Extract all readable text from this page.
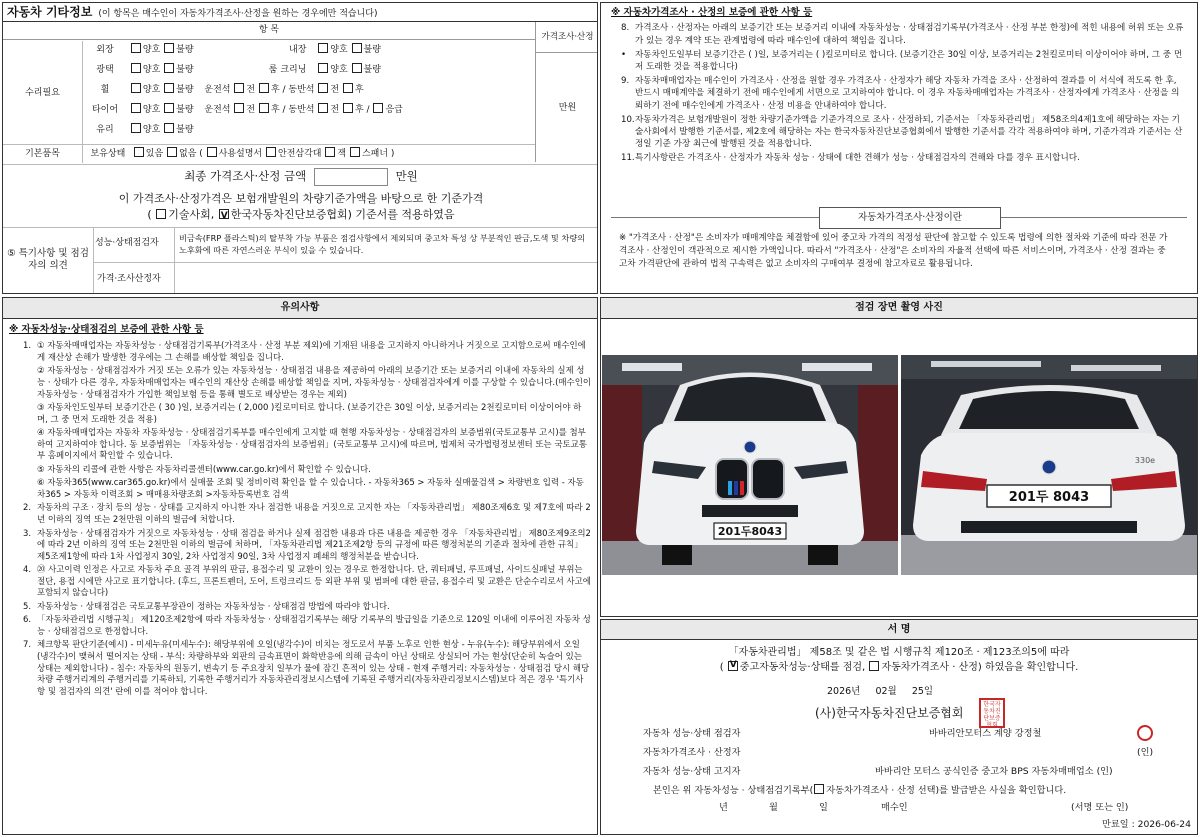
자동차 기타정보 (이 항목은 매수인이 자동차가격조사·산정을 원하는 경우에만 적습니다)
항 목
가격조사·산정
만원
수리필요
외장	양호 불량	내장	양호 불량
광택	양호 불량	룸 크리닝	양호 불량
휠	양호 불량 운전석 전 후 / 동반석 전 후
타이어	양호 불량 운전석 전 후 / 동반석 전 후 / 응급
유리	양호 불량
기본품목	보유상태 있음 없음 ( 사용설명서 안전삼각대 잭 스패너 )
최종 가격조사·산정 금액	만원
이 가격조사·산정가격은 보험개발원의 차량기준가액을 바탕으로 한 기준가격
( 기술사회, V한국자동차진단보증협회) 기준서를 적용하였음
⑤ 특기사항 및 점검자의 의견
성능·상태점검자	비금속(FRP 플라스틱)의 탈부착 가능 부품은 점검사항에서 제외되며 중고차 특성 상 부분적인 판금,도색 및 차량의 노후화에 따른 자연스러운 부식이 있을 수 있습니다.
가격·조사산정자
※ 자동차가격조사 · 산정의 보증에 관한 사항 등
8. 가격조사 · 산정자는 아래의 보증기간 또는 보증거리 이내에 자동차성능 · 상태점검기록부(가격조사 · 산정 부분 한정)에 적힌 내용에 허위 또는 오류가 있는 경우 계약 또는 관계법령에 따라 매수인에 대하여 책임을 집니다.
•	자동차인도일부터 보증기간은 ( )일, 보증거리는 ( )킬로미터로 합니다. (보증기간은 30일 이상, 보증거리는 2천킬로미터 이상이어야 하며, 그 중 먼저 도래한 것을 적용합니다)
9. 자동차매매업자는 매수인이 가격조사 · 산정을 원할 경우 가격조사 · 산정자가 해당 자동차 가격을 조사 · 산정하여 결과를 이 서식에 적도록 한 후, 반드시 매매계약을 체결하기 전에 매수인에게 서면으로 고지하여야 합니다. 이 경우 자동차매매업자는 가격조사 · 산정자에게 가격조사 · 산정을 의뢰하기 전에 매수인에게 가격조사 · 산정 비용을 안내하여야 합니다.
10. 자동차가격은 보험개발원이 정한 차량기준가액을 기준가격으로 조사 · 산정하되, 기준서는 「자동차관리법」 제58조의4제1호에 해당하는 자는 기술사회에서 발행한 기준서를, 제2호에 해당하는 자는 한국자동차진단보증협회에서 발행한 기준서를 각각 적용하여야 하며, 기준가격과 기준서는 산정일 기준 가장 최근에 발행된 것을 적용합니다.
11. 특기사항란은 가격조사 · 산정자가 자동차 성능 · 상태에 대한 견해가 성능 · 상태점검자의 견해와 다를 경우 표시합니다.
자동차가격조사·산정이란
※ "가격조사 · 산정"은 소비자가 매매계약을 체결함에 있어 중고차 가격의 적정성 판단에 참고할 수 있도록 법령에 의한 절차와 기준에 따라 전문 가격조사 · 산정인이 객관적으로 제시한 가액입니다. 따라서 "가격조사 · 산정"은 소비자의 자율적 선택에 따른 서비스이며, 가격조사 · 산정 결과는 중고차 가격판단에 관하여 법적 구속력은 없고 소비자의 구매여부 결정에 참고자료로 활용됩니다.
유의사항
※ 자동차성능·상태점검의 보증에 관한 사항 등
1. ① 자동차매매업자는 자동차성능 · 상태점검기록부(가격조사 · 산정 부분 제외)에 기재된 내용을 고지하지 아니하거나 거짓으로 고지함으로써 매수인에게 재산상 손해가 발생한 경우에는 그 손해를 배상할 책임을 집니다.
② 자동차성능 · 상태점검자가 거짓 또는 오류가 있는 자동차성능 · 상태점검 내용을 제공하여 아래의 보증기간 또는 보증거리 이내에 자동차의 실제 성능 · 상태가 다른 경우, 자동차매매업자는 매수인의 재산상 손해를 배상할 책임을 지며, 자동차성능 · 상태점검자에게 이를 구상할 수 있습니다.(매수인이 자동차성능 · 상태점검자가 가입한 책임보험 등을 통해 별도로 배상받는 경우는 제외)
③ 자동차인도일부터 보증기간은 ( 30 )일, 보증거리는 ( 2,000 )킬로미터로 합니다. (보증기간은 30일 이상, 보증거리는 2천킬로미터 이상이어야 하며, 그 중 먼저 도래한 것을 적용)
④ 자동차매매업자는 자동차 자동차성능 · 상태점검기록부를 매수인에게 고지할 때 현행 자동차성능 · 상태점검자의 보증범위(국토교통부 고시)를 첨부하여 고지하여야 합니다. 동 보증범위는 「자동차성능 · 상태점검자의 보증범위」(국토교통부 고시)에 따르며, 법제처 국가법령정보센터 또는 국토교통부 홈페이지에서 확인할 수 있습니다.
⑤ 자동차의 리콜에 관한 사항은 자동차리콜센터(www.car.go.kr)에서 확인할 수 있습니다.
⑥ 자동차365(www.car365.go.kr)에서 실매물 조회 및 정비이력 확인을 할 수 있습니다. - 자동차365 > 자동차 실매물검색 > 차량번호 입력 - 자동차365 > 자동차 이력조회 > 매매용차량조회 >자동차등록번호 검색
2. 자동차의 구조 · 장치 등의 성능 · 상태를 고지하지 아니한 자나 점검한 내용을 거짓으로 고지한 자는 「자동차관리법」 제80조제6호 및 제7호에 따라 2년 이하의 징역 또는 2천만원 이하의 벌금에 처합니다.
3. 자동차성능 · 상태점검자가 거짓으로 자동차성능 · 상태 점검을 하거나 실제 점검한 내용과 다른 내용을 제공한 경우 「자동차관리법」 제80조제9조의2에 따라 2년 이하의 징역 또는 2천만원 이하의 벌금에 처하며, 「자동차관리법 제21조제2항 등의 규정에 따른 행정처분의 기준과 절차에 관한 규칙」 제5조제1항에 따라 1차 사업정지 30일, 2차 사업정지 90일, 3차 사업정지 폐쇄의 행정처분을 받습니다.
4. ⑳ 사고이력 인정은 사고로 자동차 주요 골격 부위의 판금, 용접수리 및 교환이 있는 경우로 한정합니다. 단, 쿼터패널, 루프패널, 사이드실패널 부위는 절단, 용접 시에만 사고로 표기합니다. (후드, 프론트펜더, 도어, 트렁크리드 등 외판 부위 및 범퍼에 대한 판금, 용접수리 및 교환은 단순수리로서 사고에 포함되지 않습니다)
5. 자동차성능 · 상태점검은 국토교통부장관이 정하는 자동차성능 · 상태점검 방법에 따라야 합니다.
6. 「자동차관리법 시행규칙」 제120조제2항에 따라 자동차성능 · 상태점검기록부는 해당 기록부의 발급일을 기준으로 120일 이내에 이루어진 자동차 성능 · 상태점검으로 한정합니다.
7. 체크항목 판단기준(예시) - 미세누유(미세누수): 해당부위에 오일(냉각수)이 비치는 정도로서 부품 노후로 인한 현상 - 누유(누수): 해당부위에서 오일(냉각수)이 맺혀서 떨어지는 상태 - 부식: 차량하부와 외판의 금속표면이 화학반응에 의해 금속이 아닌 상태로 상실되어 가는 현상(단순히 녹슬어 있는 상태는 제외합니다) - 침수: 자동차의 원동기, 변속기 등 주요장치 일부가 물에 잠긴 흔적이 있는 상태 - 현재 주행거리: 자동차성능 · 상태점검 당시 해당 차량 주행거리계의 주행거리를 기록하되, 기록한 주행거리가 자동차관리정보시스템에 기록된 주행거리(자동차관리정보시스템)보다 적은 경우 '특기사항 및 점검자의 의견' 란에 이를 적어야 합니다.
점검 장면 촬영 사진
201두8043
330e
201두 8043
서 명
「자동차관리법」 제58조 및 같은 법 시행규칙 제120조 · 제123조의5에 따라
( V중고자동차성능·상태를 점검, 자동차가격조사 · 산정) 하였음을 확인합니다.
2026년 02월 25일
(사)한국자동차진단보증협회
한국자동차진단보증협회
자동차 성능·상태 점검자	바바리안모터스 계양 강정철
자동차가격조사 · 산정자	(인)
자동차 성능·상태 고지자	바바리안 모터스 공식인증 중고차 BPS 자동차매매업소 (인)
본인은 위 자동차성능 · 상태점검기록부( 자동차가격조사 · 산정 선택)를 발급받은 사실을 확인합니다.
년	월	일	매수인	(서명 또는 인)
만료일 : 2026-06-24
